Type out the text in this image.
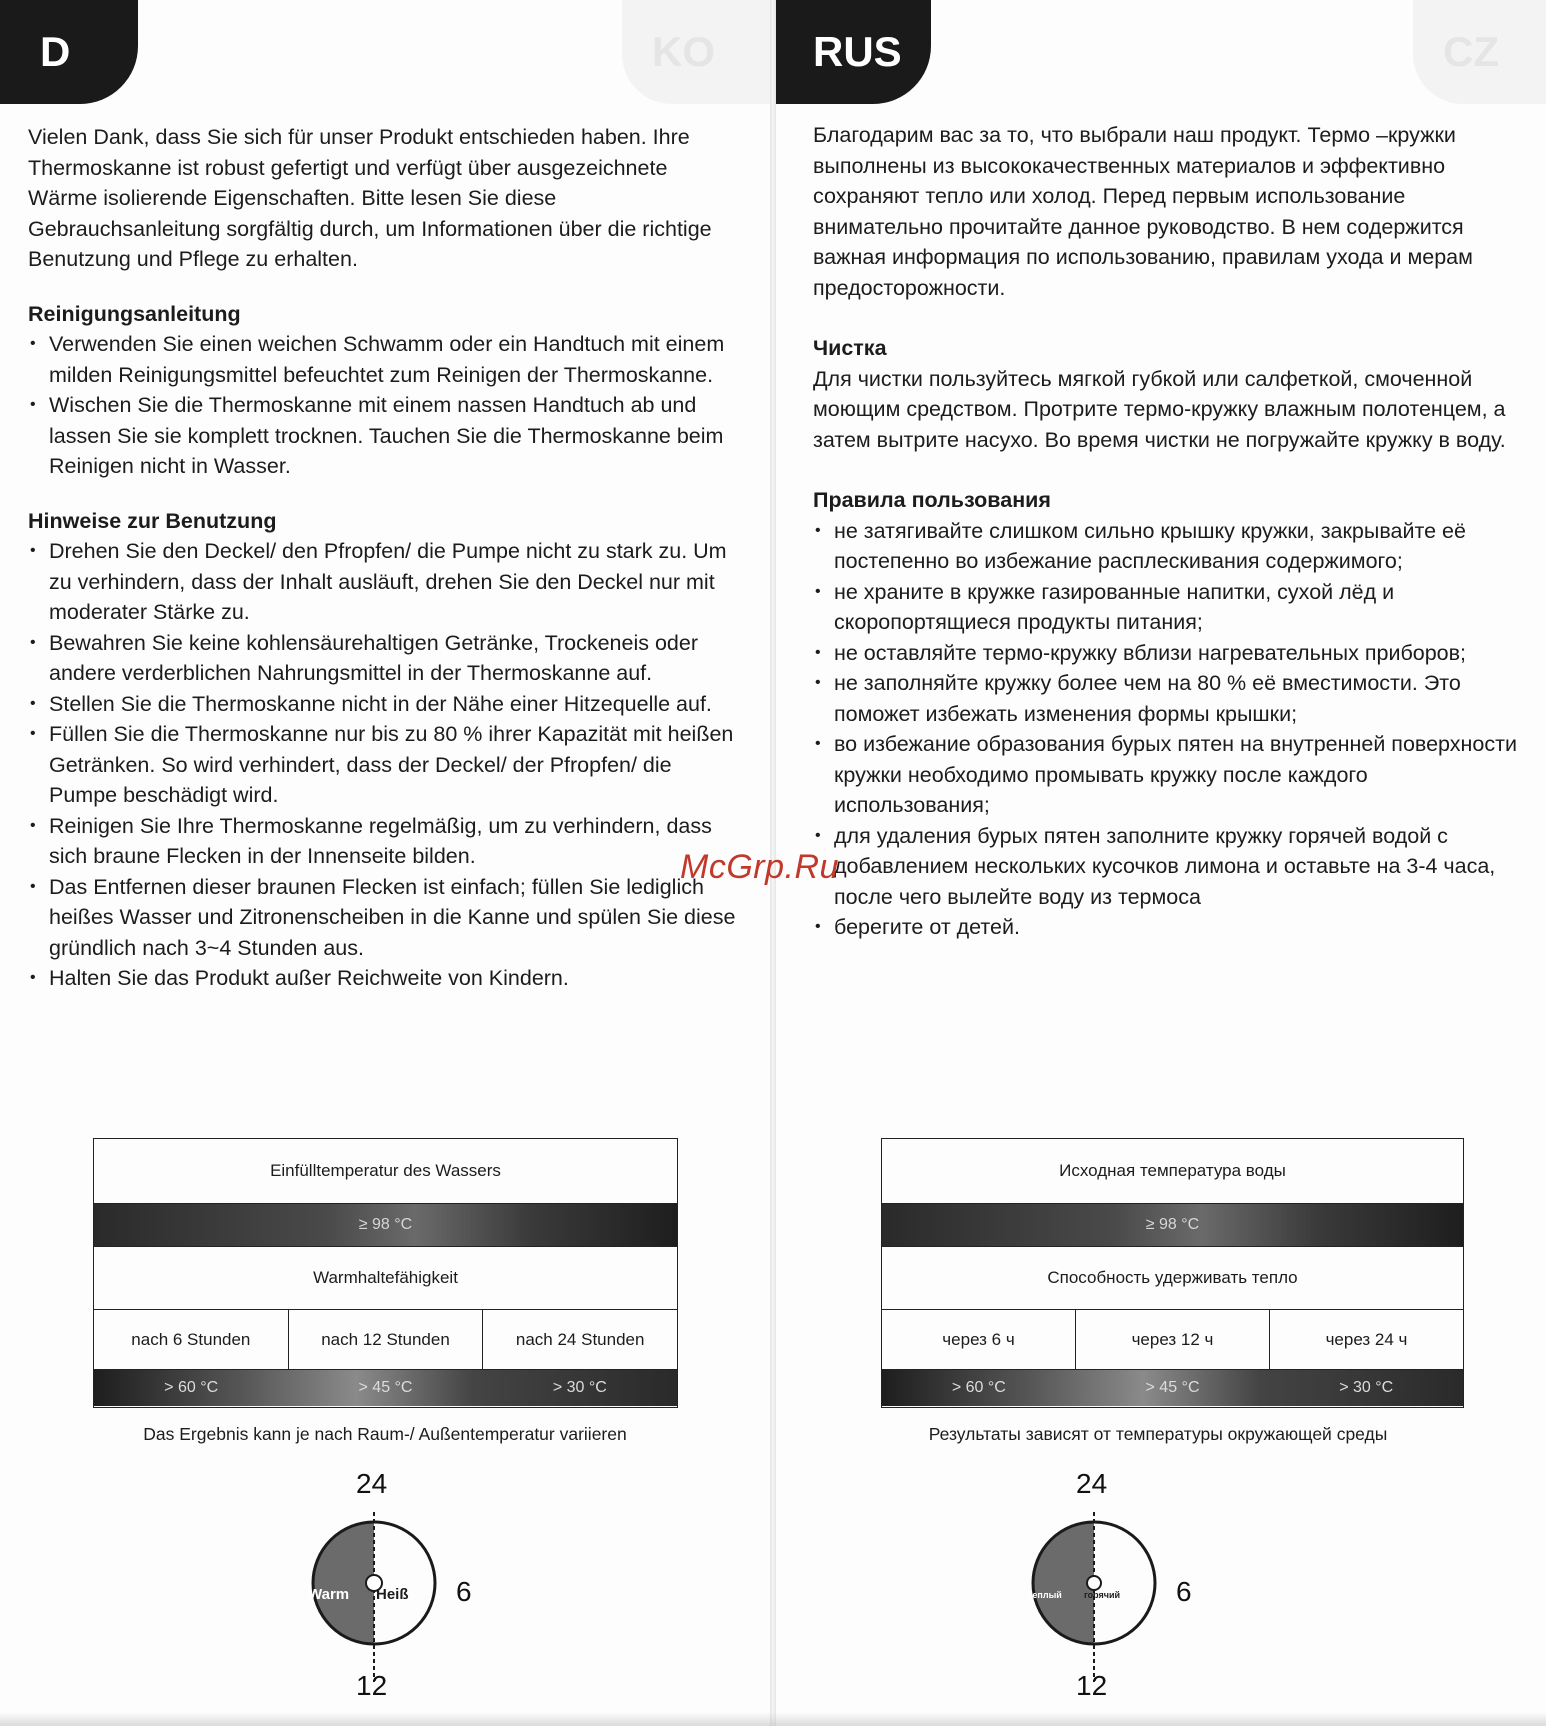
KO
D

Vielen Dank, dass Sie sich für unser Produkt entschieden haben. Ihre Thermoskanne ist robust gefertigt und verfügt über ausgezeichnete Wärme isolierende Eigenschaften. Bitte lesen Sie diese Gebrauchsanleitung sorgfältig durch, um Informationen über die richtige Benutzung und Pflege zu erhalten.

Reinigungsanleitung

• Verwenden Sie einen weichen Schwamm oder ein Handtuch mit einem milden Reinigungsmittel befeuchtet zum Reinigen der Thermoskanne.
• Wischen Sie die Thermoskanne mit einem nassen Handtuch ab und lassen Sie sie komplett trocknen. Tauchen Sie die Thermoskanne beim Reinigen nicht in Wasser.

Hinweise zur Benutzung

• Drehen Sie den Deckel/ den Pfropfen/ die Pumpe nicht zu stark zu. Um zu verhindern, dass der Inhalt ausläuft, drehen Sie den Deckel nur mit moderater Stärke zu.
• Bewahren Sie keine kohlensäurehaltigen Getränke, Trockeneis oder andere verderblichen Nahrungsmittel in der Thermoskanne auf.
• Stellen Sie die Thermoskanne nicht in der Nähe einer Hitzequelle auf.
• Füllen Sie die Thermoskanne nur bis zu 80 % ihrer Kapazität mit heißen Getränken. So wird verhindert, dass der Deckel/ der Pfropfen/ die Pumpe beschädigt wird.
• Reinigen Sie Ihre Thermoskanne regelmäßig, um zu verhindern, dass sich braune Flecken in der Innenseite bilden.
• Das Entfernen dieser braunen Flecken ist einfach; füllen Sie lediglich heißes Wasser und Zitronenscheiben in die Kanne und spülen Sie diese gründlich nach 3~4 Stunden aus.
• Halten Sie das Produkt außer Reichweite von Kindern.
Einfülltemperatur des Wassers
≥ 98 °C
Warmhaltefähigkeit
nach 6 Stunden	nach 12 Stunden	nach 24 Stunden
> 60 °C	> 45 °C	> 30 °C
Das Ergebnis kann je nach Raum-/ Außentemperatur variieren
24
Warm Heiß 6
12
CZ
RUS

Благодарим вас за то, что выбрали наш продукт. Термо –кружки выполнены из высококачественных материалов и эффективно сохраняют тепло или холод. Перед первым использование внимательно прочитайте данное руководство. В нем содержится важная информация по использованию, правилам ухода и мерам предосторожности.

Чистка

Для чистки пользуйтесь мягкой губкой или салфеткой, смоченной моющим средством. Протрите термо-кружку влажным полотенцем, а затем вытрите насухо. Во время чистки не погружайте кружку в воду.

Правила пользования

• не затягивайте слишком сильно крышку кружки, закрывайте её постепенно во избежание расплескивания содержимого;
• не храните в кружке газированные напитки, сухой лёд и скоропортящиеся продукты питания;
• не оставляйте термо-кружку вблизи нагревательных приборов;
• не заполняйте кружку более чем на 80 % её вместимости. Это поможет избежать изменения формы крышки;
• во избежание образования бурых пятен на внутренней поверхности кружки необходимо промывать кружку после каждого использования;
• для удаления бурых пятен заполните кружку горячей водой с добавлением нескольких кусочков лимона и оставьте на 3-4 часа, после чего вылейте воду из термоса
• берегите от детей.
Исходная температура воды
≥ 98 °C
Способность удерживать тепло
через 6 ч	через 12 ч	через 24 ч
> 60 °C	> 45 °C	> 30 °C
Результаты зависят от температуры окружающей среды
24
теплый горячий 6
12
McGrp.Ru
